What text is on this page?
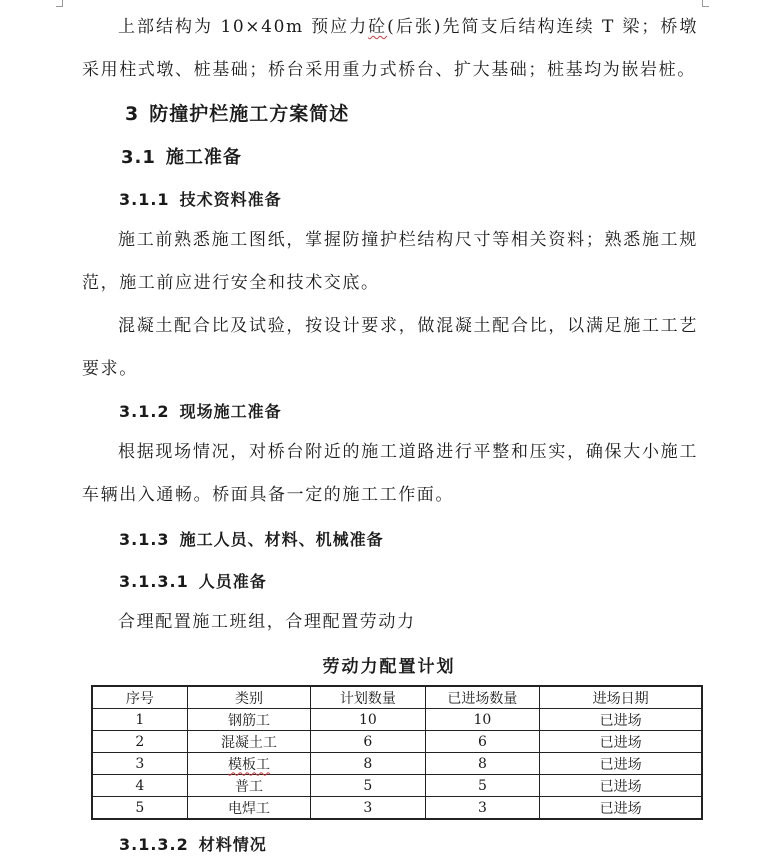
上部结构为 10×40m 预应力砼(后张)先简支后结构连续 T 梁；桥墩采用柱式墩、桩基础；桥台采用重力式桥台、扩大基础；桩基均为嵌岩桩。

3 防撞护栏施工方案简述
3.1 施工准备
3.1.1 技术资料准备

施工前熟悉施工图纸，掌握防撞护栏结构尺寸等相关资料；熟悉施工规范，施工前应进行安全和技术交底。

混凝土配合比及试验，按设计要求，做混凝土配合比，以满足施工工艺要求。

3.1.2 现场施工准备

根据现场情况，对桥台附近的施工道路进行平整和压实，确保大小施工车辆出入通畅。桥面具备一定的施工工作面。

3.1.3 施工人员、材料、机械准备
3.1.3.1 人员准备

合理配置施工班组，合理配置劳动力

劳动力配置计划
序号	类别	计划数量	已进场数量	进场日期
1	钢筋工	10	10	已进场
2	混凝土工	6	6	已进场
3	模板工	8	8	已进场
4	普工	5	5	已进场
5	电焊工	3	3	已进场
3.1.3.2 材料情况
